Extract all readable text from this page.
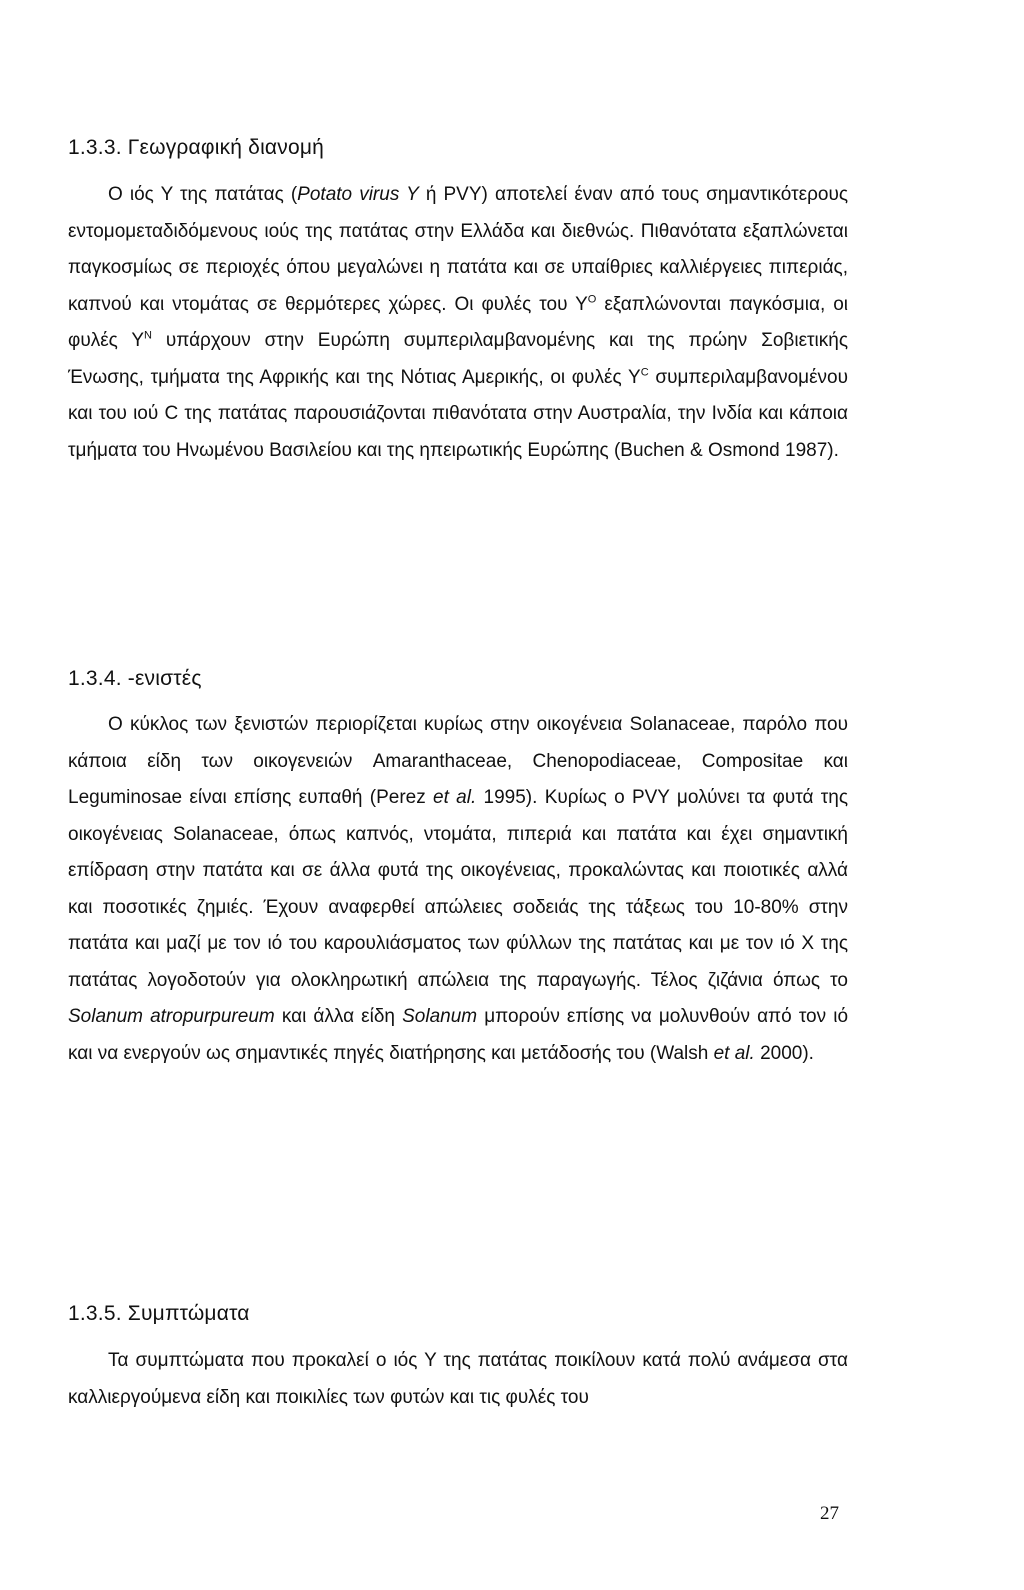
1.3.3. Γεωγραφική διανομή

Ο ιός Υ της πατάτας (Potato virus Y ή PVY) αποτελεί έναν από τους σημαντικότερους εντομομεταδιδόμενους ιούς της πατάτας στην Ελλάδα και διεθνώς. Πιθανότατα εξαπλώνεται παγκοσμίως σε περιοχές όπου μεγαλώνει η πατάτα και σε υπαίθριες καλλιέργειες πιπεριάς, καπνού και ντομάτας σε θερμότερες χώρες. Οι φυλές του $\Upsilon^O$ εξαπλώνονται παγκόσμια, οι φυλές $\Upsilon^N$ υπάρχουν στην Ευρώπη συμπεριλαμβανομένης και της πρώην Σοβιετικής Ένωσης, τμήματα της Αφρικής και της Νότιας Αμερικής, οι φυλές $\Upsilon^C$ συμπεριλαμβανομένου και του ιού C της πατάτας παρουσιάζονται πιθανότατα στην Αυστραλία, την Ινδία και κάποια τμήματα του Ηνωμένου Βασιλείου και της ηπειρωτικής Ευρώπης (Buchen & Osmond 1987).

1.3.4. -ενιστές

Ο κύκλος των ξενιστών περιορίζεται κυρίως στην οικογένεια Solanaceae, παρόλο που κάποια είδη των οικογενειών Amaranthaceae, Chenopodiaceae, Compositae και Leguminosae είναι επίσης ευπαθή (Perez et al. 1995). Κυρίως ο PVY μολύνει τα φυτά της οικογένειας Solanaceae, όπως καπνός, ντομάτα, πιπεριά και πατάτα και έχει σημαντική επίδραση στην πατάτα και σε άλλα φυτά της οικογένειας, προκαλώντας και ποιοτικές αλλά και ποσοτικές ζημιές. Έχουν αναφερθεί απώλειες σοδειάς της τάξεως του 10-80% στην πατάτα και μαζί με τον ιό του καρουλιάσματος των φύλλων της πατάτας και με τον ιό X της πατάτας λογοδοτούν για ολοκληρωτική απώλεια της παραγωγής. Τέλος ζιζάνια όπως το Solanum atropurpureum και άλλα είδη Solanum μπορούν επίσης να μολυνθούν από τον ιό και να ενεργούν ως σημαντικές πηγές διατήρησης και μετάδοσής του (Walsh et al. 2000).

1.3.5. Συμπτώματα

Τα συμπτώματα που προκαλεί ο ιός Υ της πατάτας ποικίλουν κατά πολύ ανάμεσα στα καλλιεργούμενα είδη και ποικιλίες των φυτών και τις φυλές του

27
